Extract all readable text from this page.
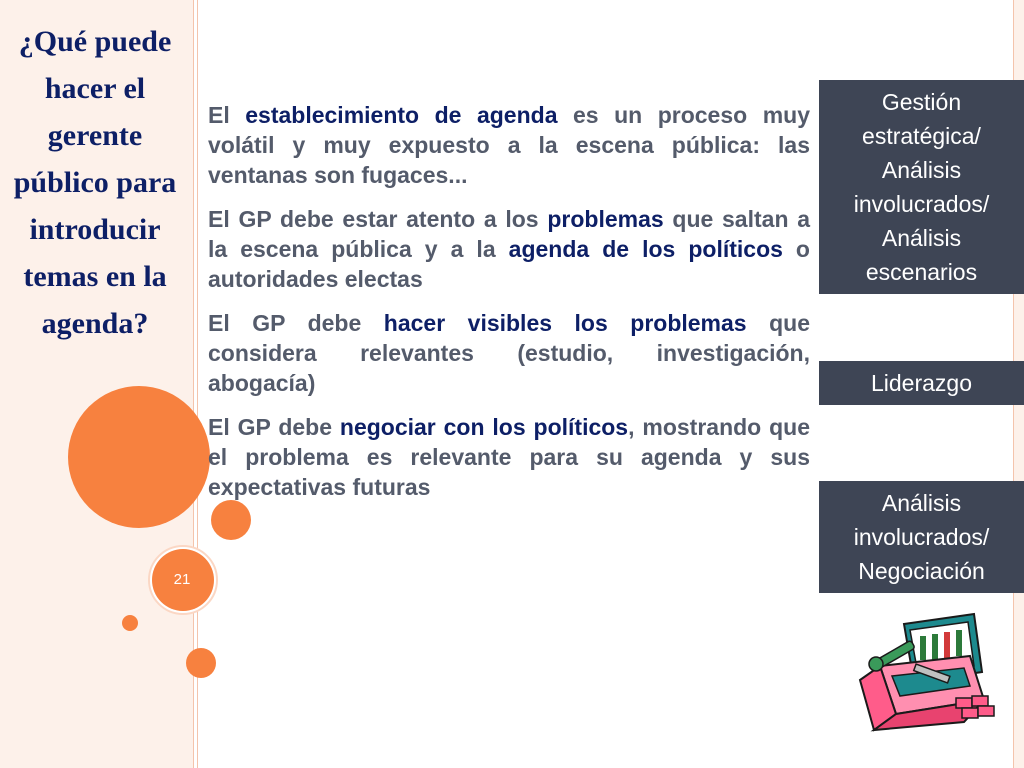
¿Qué puede hacer el gerente público para introducir temas en la agenda?
21

El establecimiento de agenda es un proceso muy volátil y muy expuesto a la escena pública: las ventanas son fugaces...

El GP debe estar atento a los problemas que saltan a la escena pública y a la agenda de los políticos o autoridades electas

El GP debe hacer visibles los problemas que considera relevantes (estudio, investigación, abogacía)

El GP debe negociar con los políticos, mostrando que el problema es relevante para su agenda y sus expectativas futuras

Gestión
estratégica/
Análisis
involucrados/
Análisis
escenarios
Liderazgo
Análisis
involucrados/
Negociación
